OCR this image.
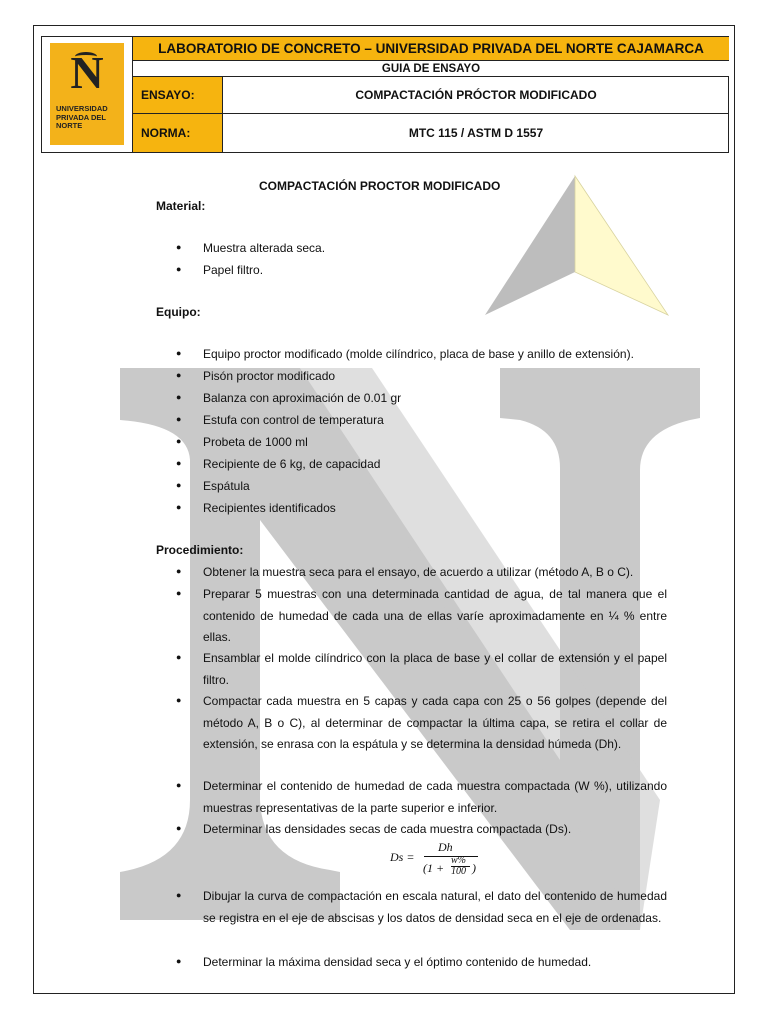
N
UNIVERSIDAD PRIVADA DEL NORTE
LABORATORIO DE CONCRETO – UNIVERSIDAD PRIVADA DEL NORTE CAJAMARCA
GUIA DE ENSAYO
ENSAYO:	COMPACTACIÓN PRÓCTOR MODIFICADO
NORMA:	MTC 115 / ASTM D 1557
COMPACTACIÓN PROCTOR MODIFICADO
Material:
● Muestra alterada seca.
● Papel filtro.
Equipo:
● Equipo proctor modificado (molde cilíndrico, placa de base y anillo de extensión).
● Pisón proctor modificado
● Balanza con aproximación de 0.01 gr
● Estufa con control de temperatura
● Probeta de 1000 ml
● Recipiente de 6 kg, de capacidad
● Espátula
● Recipientes identificados
Procedimiento:
● Obtener la muestra seca para el ensayo, de acuerdo a utilizar (método A, B o C).
● Preparar 5 muestras con una determinada cantidad de agua, de tal manera que el contenido de humedad de cada una de ellas varíe aproximadamente en ¼ % entre ellas.
● Ensamblar el molde cilíndrico con la placa de base y el collar de extensión y el papel filtro.
● Compactar cada muestra en 5 capas y cada capa con 25 o 56 golpes (depende del método A, B o C), al determinar de compactar la última capa, se retira el collar de extensión, se enrasa con la espátula y se determina la densidad húmeda (Dh).
● Determinar el contenido de humedad de cada muestra compactada (W %), utilizando muestras representativas de la parte superior e inferior.
● Determinar las densidades secas de cada muestra compactada (Ds).
Ds =
Dh
(1 +
w%
100 )
● Dibujar la curva de compactación en escala natural, el dato del contenido de humedad se registra en el eje de abscisas y los datos de densidad seca en el eje de ordenadas.
● Determinar la máxima densidad seca y el óptimo contenido de humedad.
